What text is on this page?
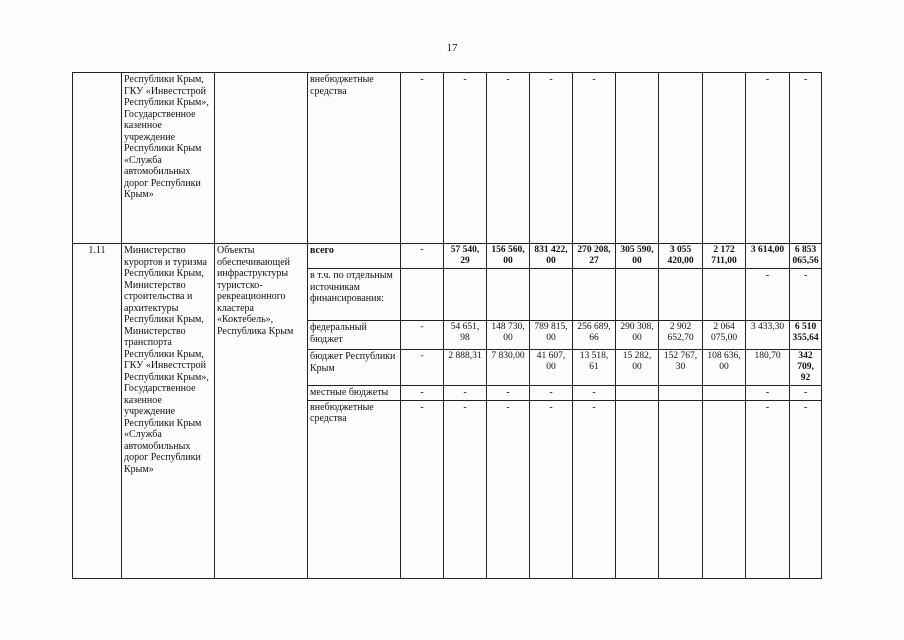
17
	Республики Крым, ГКУ «Инвестстрой Республики Крым», Государственное казенное учреждение Республики Крым «Служба автомобильных дорог Республики Крым»		внебюджетные средства	-	-	-	-	-				-	-
1.11	Министерство курортов и туризма Республики Крым, Министерство строительства и архитектуры Республики Крым, Министерство транспорта Республики Крым, ГКУ «Инвестстрой Республики Крым», Государственное казенное учреждение Республики Крым «Служба автомобильных дорог Республики Крым»	Объекты обеспечивающей инфраструктуры туристско-рекреационного кластера «Коктебель», Республика Крым	всего	-	57 540, 29	156 560, 00	831 422, 00	270 208, 27	305 590, 00	3 055 420,00	2 172 711,00	3 614,00	6 853 065,56
			в т.ч. по отдельным источникам финансирования:									-	-
			федеральный бюджет	-	54 651, 98	148 730, 00	789 815, 00	256 689, 66	290 308, 00	2 902 652,70	2 064 075,00	3 433,30	6 510 355,64
			бюджет Республики Крым	-	2 888,31	7 830,00	41 607, 00	13 518, 61	15 282, 00	152 767, 30	108 636, 00	180,70	342 709, 92
			местные бюджеты	-	-	-	-	-				-	-
			внебюджетные средства	-	-	-	-	-				-	-
